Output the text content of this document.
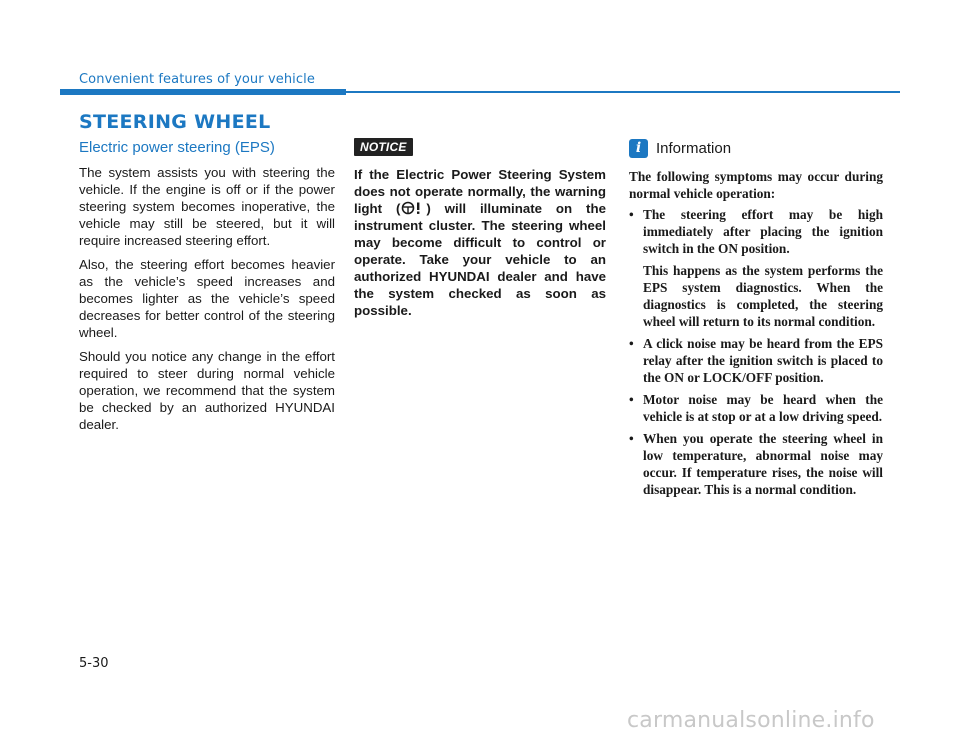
Convenient features of your vehicle
STEERING WHEEL
Electric power steering (EPS)

The system assists you with steering the vehicle. If the engine is off or if the power steering system becomes inoperative, the vehicle may still be steered, but it will require increased steering effort.

Also, the steering effort becomes heavier as the vehicle’s speed increases and becomes lighter as the vehicle’s speed decreases for better control of the steering wheel.

Should you notice any change in the effort required to steer during normal vehicle operation, we recommend that the system be checked by an authorized HYUNDAI dealer.

NOTICE

If the Electric Power Steering System does not operate normally, the warning light ( ) will illuminate on the instrument cluster. The steering wheel may become difficult to control or operate. Take your vehicle to an authorized HYUNDAI dealer and have the system checked as soon as possible.

i Information

The following symptoms may occur during normal vehicle operation:

• The steering effort may be high immediately after placing the ignition switch in the ON position.

This happens as the system performs the EPS system diagnostics. When the diagnostics is completed, the steering wheel will return to its normal condition.

• A click noise may be heard from the EPS relay after the ignition switch is placed to the ON or LOCK/OFF position.

• Motor noise may be heard when the vehicle is at stop or at a low driving speed.

• When you operate the steering wheel in low temperature, abnormal noise may occur. If temperature rises, the noise will disappear. This is a normal condition.

5-30
carmanualsonline.info
